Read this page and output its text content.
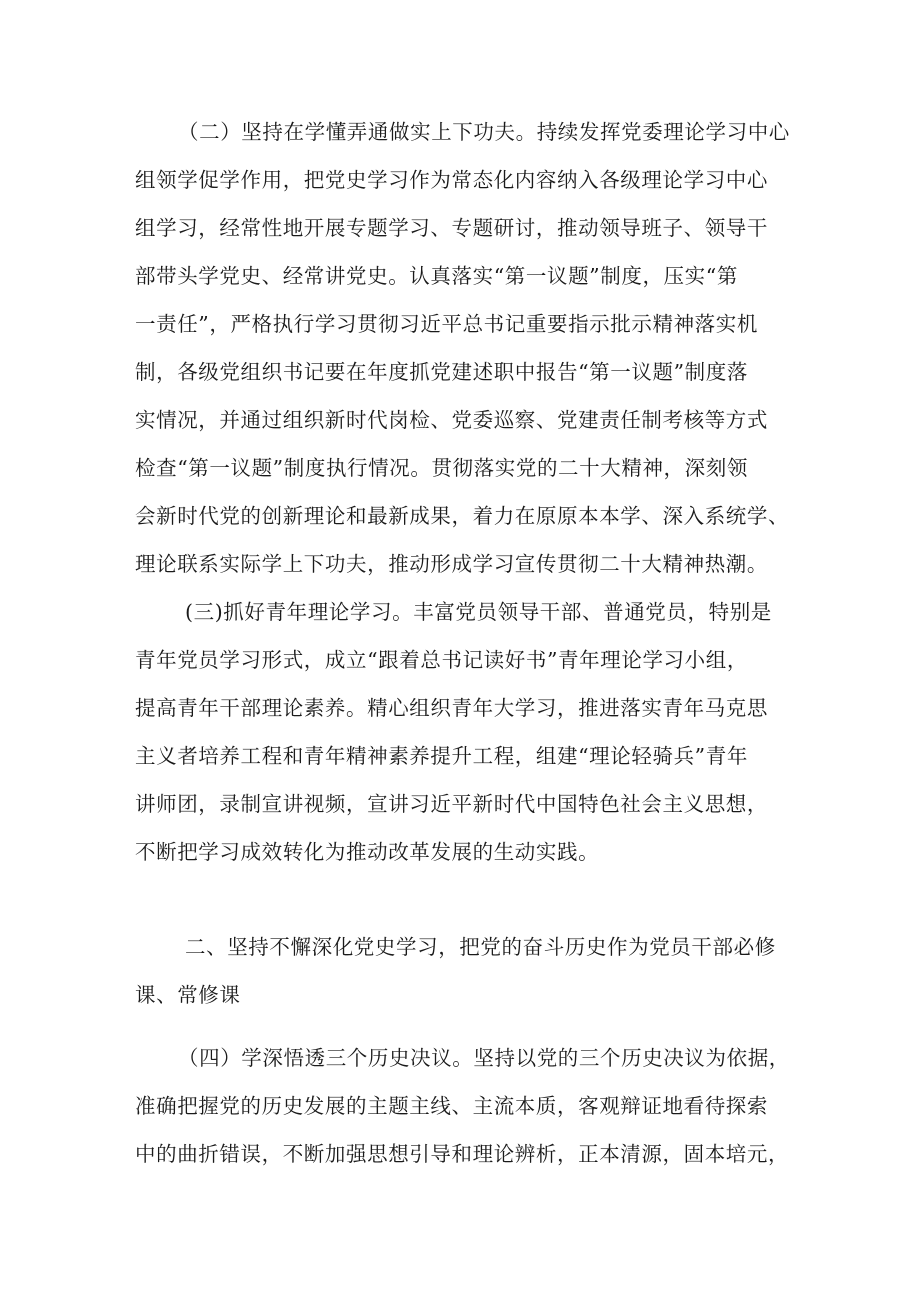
（二）坚持在学懂弄通做实上下功夫。持续发挥党委理论学习中心
组领学促学作用，把党史学习作为常态化内容纳入各级理论学习中心
组学习，经常性地开展专题学习、专题研讨，推动领导班子、领导干
部带头学党史、经常讲党史。认真落实“第一议题”制度，压实“第
一责任”，严格执行学习贯彻习近平总书记重要指示批示精神落实机
制，各级党组织书记要在年度抓党建述职中报告“第一议题”制度落
实情况，并通过组织新时代岗检、党委巡察、党建责任制考核等方式
检查“第一议题”制度执行情况。贯彻落实党的二十大精神，深刻领
会新时代党的创新理论和最新成果，着力在原原本本学、深入系统学、
理论联系实际学上下功夫，推动形成学习宣传贯彻二十大精神热潮。
(三)抓好青年理论学习。丰富党员领导干部、普通党员，特别是
青年党员学习形式，成立“跟着总书记读好书”青年理论学习小组，
提高青年干部理论素养。精心组织青年大学习，推进落实青年马克思
主义者培养工程和青年精神素养提升工程，组建“理论轻骑兵”青年
讲师团，录制宣讲视频，宣讲习近平新时代中国特色社会主义思想，
不断把学习成效转化为推动改革发展的生动实践。
二、坚持不懈深化党史学习，把党的奋斗历史作为党员干部必修
课、常修课
（四）学深悟透三个历史决议。坚持以党的三个历史决议为依据，
准确把握党的历史发展的主题主线、主流本质，客观辩证地看待探索
中的曲折错误，不断加强思想引导和理论辨析，正本清源，固本培元，
